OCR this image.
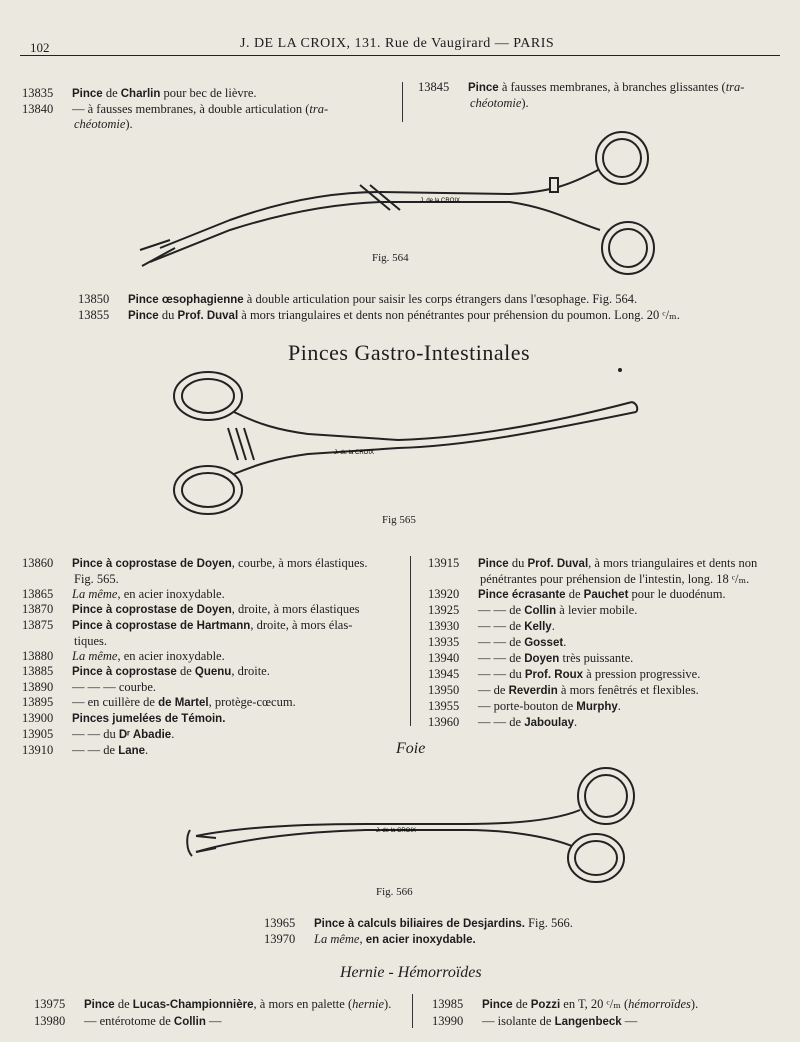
102	J. DE LA CROIX, 131. Rue de Vaugirard — PARIS
13835 Pince de Charlin pour bec de lièvre.
13840 — à fausses membranes, à double articulation (tra-
chéotomie).
13845 Pince à fausses membranes, à branches glissantes (tra-
chéotomie).
J. de la CROIX
Fig. 564
13850 Pince œsophagienne à double articulation pour saisir les corps étrangers dans l'œsophage. Fig. 564.
13855 Pince du Prof. Duval à mors triangulaires et dents non pénétrantes pour préhension du poumon. Long. 20 ᶜ/ₘ.
Pinces Gastro-Intestinales
J. de la CROIX
Fig 565
13860 Pince à coprostase de Doyen, courbe, à mors élastiques.
Fig. 565.
13865 La même, en acier inoxydable.
13870 Pince à coprostase de Doyen, droite, à mors élastiques
13875 Pince à coprostase de Hartmann, droite, à mors élas-
tiques.
13880 La même, en acier inoxydable.
13885 Pince à coprostase de Quenu, droite.
13890 — — — courbe.
13895 — en cuillère de de Martel, protège-cœcum.
13900 Pinces jumelées de Témoin.
13905 — — du Dʳ Abadie.
13910 — — de Lane.
13915 Pince du Prof. Duval, à mors triangulaires et dents non
pénétrantes pour préhension de l'intestin, long. 18 ᶜ/ₘ.
13920 Pince écrasante de Pauchet pour le duodénum.
13925 — — de Collin à levier mobile.
13930 — — de Kelly.
13935 — — de Gosset.
13940 — — de Doyen très puissante.
13945 — — du Prof. Roux à pression progressive.
13950 — de Reverdin à mors fenêtrés et flexibles.
13955 — porte-bouton de Murphy.
13960 — — de Jaboulay.
Foie
J. de la CROIX
Fig. 566
13965 Pince à calculs biliaires de Desjardins. Fig. 566.
13970 La même, en acier inoxydable.
Hernie - Hémorroïdes
13975 Pince de Lucas-Championnière, à mors en palette (hernie).
13980 — entérotome de Collin —
13985 Pince de Pozzi en T, 20 ᶜ/ₘ (hémorroïdes).
13990 — isolante de Langenbeck —
